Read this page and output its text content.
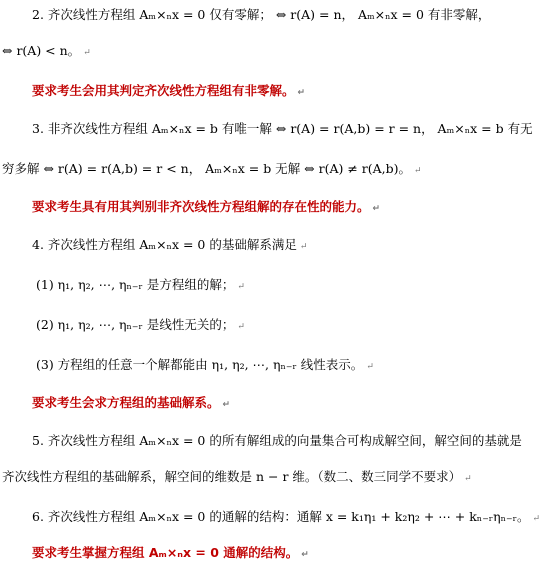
2. 齐次线性方程组 Aₘ×ₙx = 0 仅有零解； ⇔ r(A) = n， Aₘ×ₙx = 0 有非零解，
⇔ r(A) < n。 ↵
要求考生会用其判定齐次线性方程组有非零解。 ↵
3. 非齐次线性方程组 Aₘ×ₙx = b 有唯一解 ⇔ r(A) = r(A,b) = r = n， Aₘ×ₙx = b 有无
穷多解 ⇔ r(A) = r(A,b) = r < n， Aₘ×ₙx = b 无解 ⇔ r(A) ≠ r(A,b)。 ↵
要求考生具有用其判别非齐次线性方程组解的存在性的能力。 ↵
4. 齐次线性方程组 Aₘ×ₙx = 0 的基础解系满足 ↵
(1) η₁, η₂, ⋯, ηₙ₋ᵣ 是方程组的解； ↵
(2) η₁, η₂, ⋯, ηₙ₋ᵣ 是线性无关的； ↵
(3) 方程组的任意一个解都能由 η₁, η₂, ⋯, ηₙ₋ᵣ 线性表示。 ↵
要求考生会求方程组的基础解系。 ↵
5. 齐次线性方程组 Aₘ×ₙx = 0 的所有解组成的向量集合可构成解空间，解空间的基就是
齐次线性方程组的基础解系，解空间的维数是 n − r 维。（数二、数三同学不要求） ↵
6. 齐次线性方程组 Aₘ×ₙx = 0 的通解的结构：通解 x = k₁η₁ + k₂η₂ + ⋯ + kₙ₋ᵣηₙ₋ᵣ。 ↵
要求考生掌握方程组 Aₘ×ₙx = 0 通解的结构。 ↵
